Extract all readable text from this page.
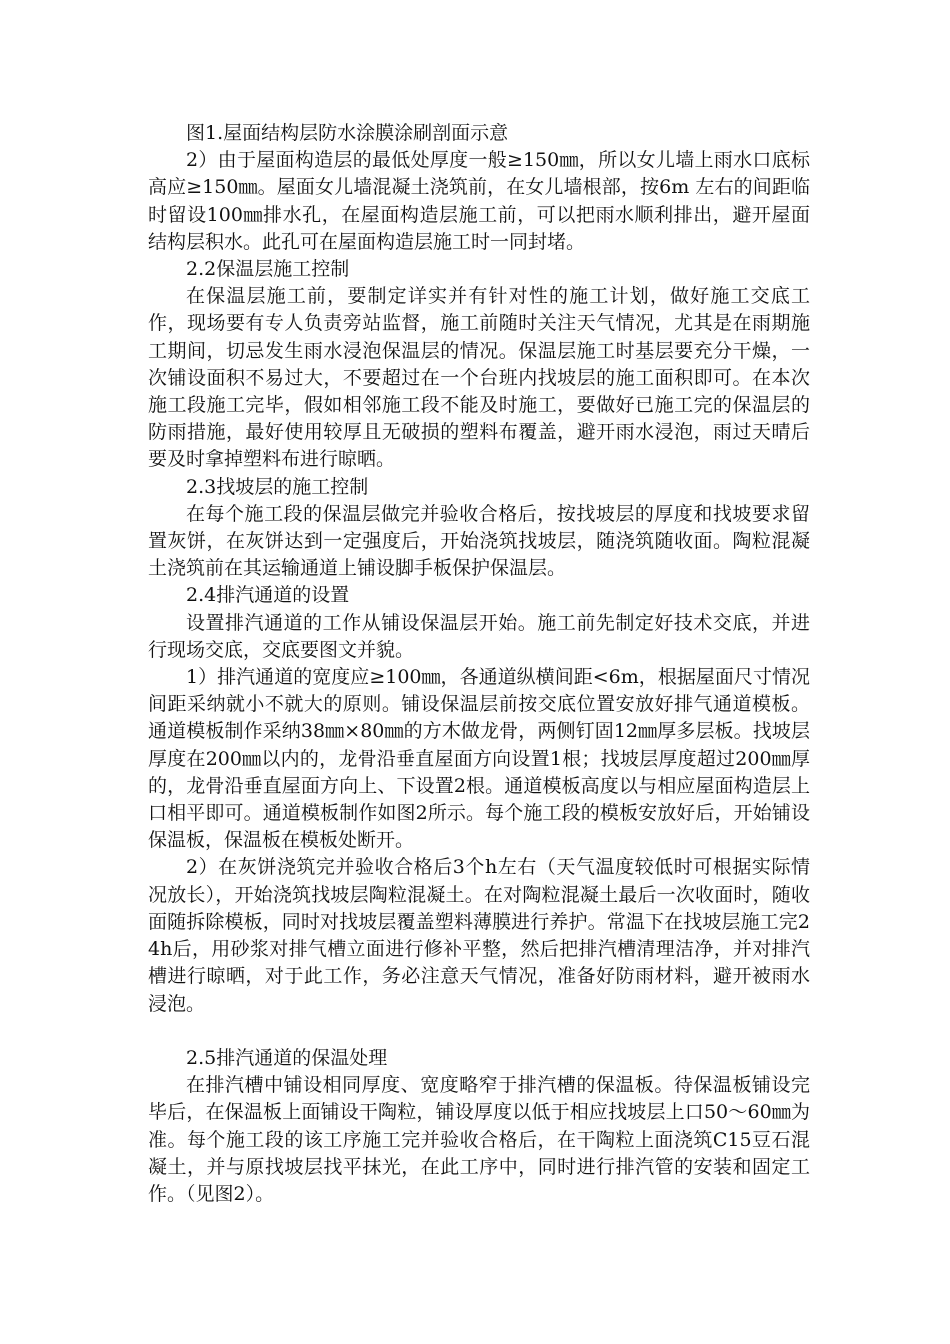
图1.屋面结构层防水涂膜涂刷剖面示意

2）由于屋面构造层的最低处厚度一般≥150㎜，所以女儿墙上雨水口底标高应≥150㎜。屋面女儿墙混凝土浇筑前，在女儿墙根部，按6m 左右的间距临时留设100㎜排水孔，在屋面构造层施工前，可以把雨水顺利排出，避开屋面结构层积水。此孔可在屋面构造层施工时一同封堵。

2.2保温层施工控制

在保温层施工前，要制定详实并有针对性的施工计划，做好施工交底工作，现场要有专人负责旁站监督，施工前随时关注天气情况，尤其是在雨期施工期间，切忌发生雨水浸泡保温层的情况。保温层施工时基层要充分干燥，一次铺设面积不易过大，不要超过在一个台班内找坡层的施工面积即可。在本次施工段施工完毕，假如相邻施工段不能及时施工，要做好已施工完的保温层的防雨措施，最好使用较厚且无破损的塑料布覆盖，避开雨水浸泡，雨过天晴后要及时拿掉塑料布进行晾晒。

2.3找坡层的施工控制

在每个施工段的保温层做完并验收合格后，按找坡层的厚度和找坡要求留置灰饼，在灰饼达到一定强度后，开始浇筑找坡层，随浇筑随收面。陶粒混凝土浇筑前在其运输通道上铺设脚手板保护保温层。

2.4排汽通道的设置

设置排汽通道的工作从铺设保温层开始。施工前先制定好技术交底，并进行现场交底，交底要图文并貌。

1）排汽通道的宽度应≥100㎜，各通道纵横间距<6m，根据屋面尺寸情况间距采纳就小不就大的原则。铺设保温层前按交底位置安放好排气通道模板。通道模板制作采纳38㎜×80㎜的方木做龙骨，两侧钉固12㎜厚多层板。找坡层厚度在200㎜以内的，龙骨沿垂直屋面方向设置1根；找坡层厚度超过200㎜厚的，龙骨沿垂直屋面方向上、下设置2根。通道模板高度以与相应屋面构造层上口相平即可。通道模板制作如图2所示。每个施工段的模板安放好后，开始铺设保温板，保温板在模板处断开。

2）在灰饼浇筑完并验收合格后3个h左右（天气温度较低时可根据实际情况放长），开始浇筑找坡层陶粒混凝土。在对陶粒混凝土最后一次收面时，随收面随拆除模板，同时对找坡层覆盖塑料薄膜进行养护。常温下在找坡层施工完24h后，用砂浆对排气槽立面进行修补平整，然后把排汽槽清理洁净，并对排汽槽进行晾晒，对于此工作，务必注意天气情况，准备好防雨材料，避开被雨水浸泡。

2.5排汽通道的保温处理

在排汽槽中铺设相同厚度、宽度略窄于排汽槽的保温板。待保温板铺设完毕后，在保温板上面铺设干陶粒，铺设厚度以低于相应找坡层上口50～60㎜为准。每个施工段的该工序施工完并验收合格后，在干陶粒上面浇筑C15豆石混凝土，并与原找坡层找平抹光，在此工序中，同时进行排汽管的安装和固定工作。（见图2）。
